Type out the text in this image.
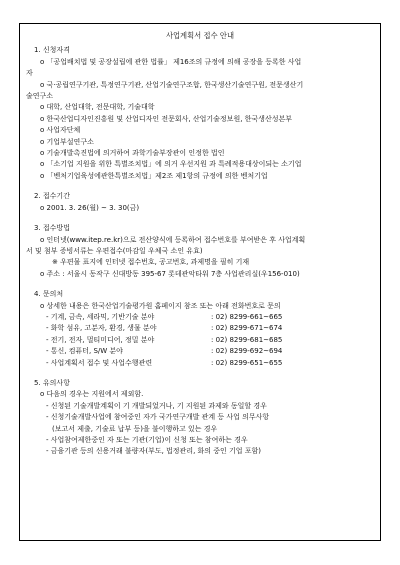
사업계획서 접수 안내
1. 신청자격
o 「공업배치법 및 공장설립에 관한 법률」 제16조의 규정에 의해 공장을 등록한 사업
자
o 국·공립연구기관, 특정연구기관, 산업기술연구조합, 한국생산기술연구원, 전문생산기
술연구소
o 대학, 산업대학, 전문대학, 기술대학
o 한국산업디자인진흥원 및 산업디자인 전문회사, 산업기술정보원, 한국생산성본부
o 사업자단체
o 기업부설연구소
o 기술개발촉진법에 의거하여 과학기술부장관이 인정한 법인
o 「소기업 지원을 위한 특별조치법」에 의거 우선지원 과 특례적용대상이되는 소기업
o 「벤처기업육성에관한특별조치법」제2조 제1항의 규정에 의한 벤처기업
2. 접수기간
o 2001. 3. 26(월) ~ 3. 30(금)
3. 접수방법
o 인터넷(www.itep.re.kr)으로 전산양식에 등록하여 접수번호를 부여받은 후 사업계획
서 및 첨부 증빙서류는 우편접수(마감일 우체국 소인 유효)
※ 우편물 표지에 인터넷 접수번호, 공고번호, 과제명을 필히 기재
o 주소 : 서울시 동작구 신대방동 395-67 롯데관악타워 7층 사업관리실(우156-010)
4. 문의처
o 상세한 내용은 한국산업기술평가원 홈페이지 참조 또는 아래 전화번호로 문의
- 기계, 금속, 세라믹, 기반기술 분야	: 02) 8299-661~665
- 화학 섬유, 고분자, 환경, 생물 분야	: 02) 8299-671~674
- 전기, 전자, 멀티미디어, 정밀 분야	: 02) 8299-681~685
- 통신, 컴퓨터, S/W 분야	: 02) 8299-692~694
- 사업계획서 접수 및 사업수행관련	: 02) 8299-651~655
5. 유의사항
o 다음의 경우는 지원에서 제외함.
- 신청된 기술개발계획이 기 개발되었거나, 기 지원된 과제와 동일할 경우
- 신청기술개발사업에 참여중인 자가 국가연구개발 관계 등 사업 의무사항
(보고서 제출, 기술료 납부 등)을 불이행하고 있는 경우
- 사업참여제한중인 자 또는 기관(기업)이 신청 또는 참여하는 경우
- 금융기관 등의 신용거래 불량자(부도, 법정관리, 화의 중인 기업 포함)
